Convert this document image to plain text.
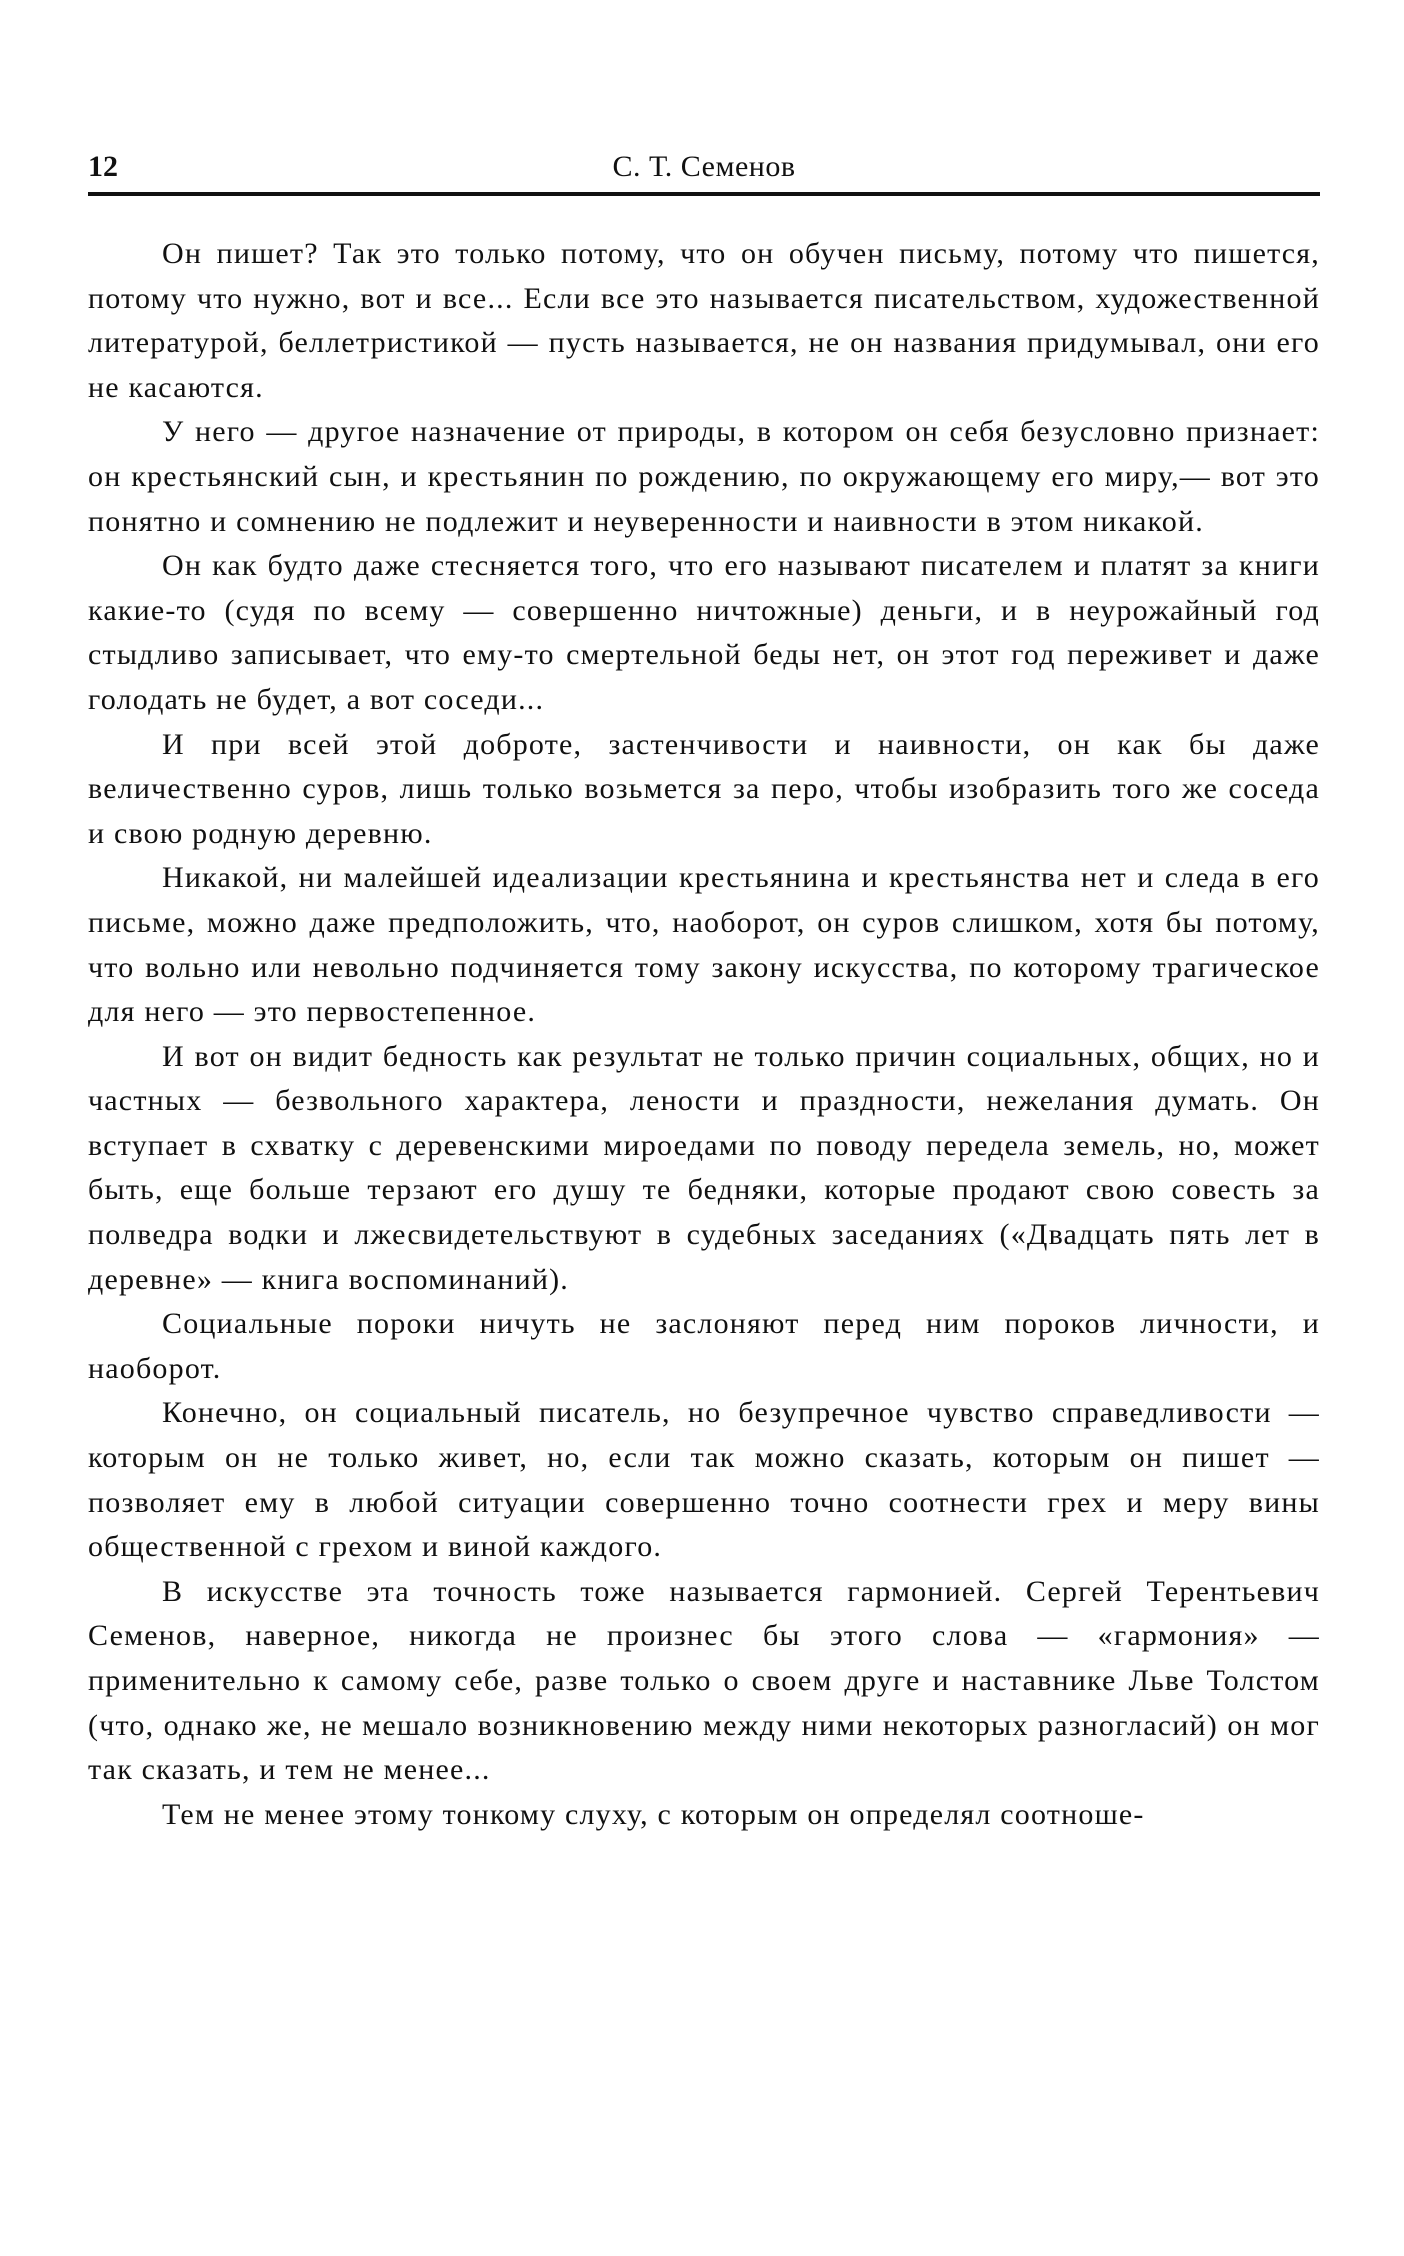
12	С. Т. Семенов

Он пишет? Так это только потому, что он обучен письму, потому что пишется, потому что нужно, вот и все... Если все это называется писательством, художественной литературой, беллетристикой — пусть называется, не он названия придумывал, они его не касаются.

У него — другое назначение от природы, в котором он себя безусловно признает: он крестьянский сын, и крестьянин по рождению, по окружающему его миру,— вот это понятно и сомнению не подлежит и неуверенности и наивности в этом никакой.

Он как будто даже стесняется того, что его называют писателем и платят за книги какие-то (судя по всему — совершенно ничтожные) деньги, и в неурожайный год стыдливо записывает, что ему-то смертельной беды нет, он этот год переживет и даже голодать не будет, а вот соседи...

И при всей этой доброте, застенчивости и наивности, он как бы даже величественно суров, лишь только возьмется за перо, чтобы изобразить того же соседа и свою родную деревню.

Никакой, ни малейшей идеализации крестьянина и крестьянства нет и следа в его письме, можно даже предположить, что, наоборот, он суров слишком, хотя бы потому, что вольно или невольно подчиняется тому закону искусства, по которому трагическое для него — это первостепенное.

И вот он видит бедность как результат не только причин социальных, общих, но и частных — безвольного характера, лености и праздности, нежелания думать. Он вступает в схватку с деревенскими мироедами по поводу передела земель, но, может быть, еще больше терзают его душу те бедняки, которые продают свою совесть за полведра водки и лжесвидетельствуют в судебных заседаниях («Двадцать пять лет в деревне» — книга воспоминаний).

Социальные пороки ничуть не заслоняют перед ним пороков личности, и наоборот.

Конечно, он социальный писатель, но безупречное чувство справедливости — которым он не только живет, но, если так можно сказать, которым он пишет — позволяет ему в любой ситуации совершенно точно соотнести грех и меру вины общественной с грехом и виной каждого.

В искусстве эта точность тоже называется гармонией. Сергей Терентьевич Семенов, наверное, никогда не произнес бы этого слова — «гармония» — применительно к самому себе, разве только о своем друге и наставнике Льве Толстом (что, однако же, не мешало возникновению между ними некоторых разногласий) он мог так сказать, и тем не менее...

Тем не менее этому тонкому слуху, с которым он определял соотноше-
